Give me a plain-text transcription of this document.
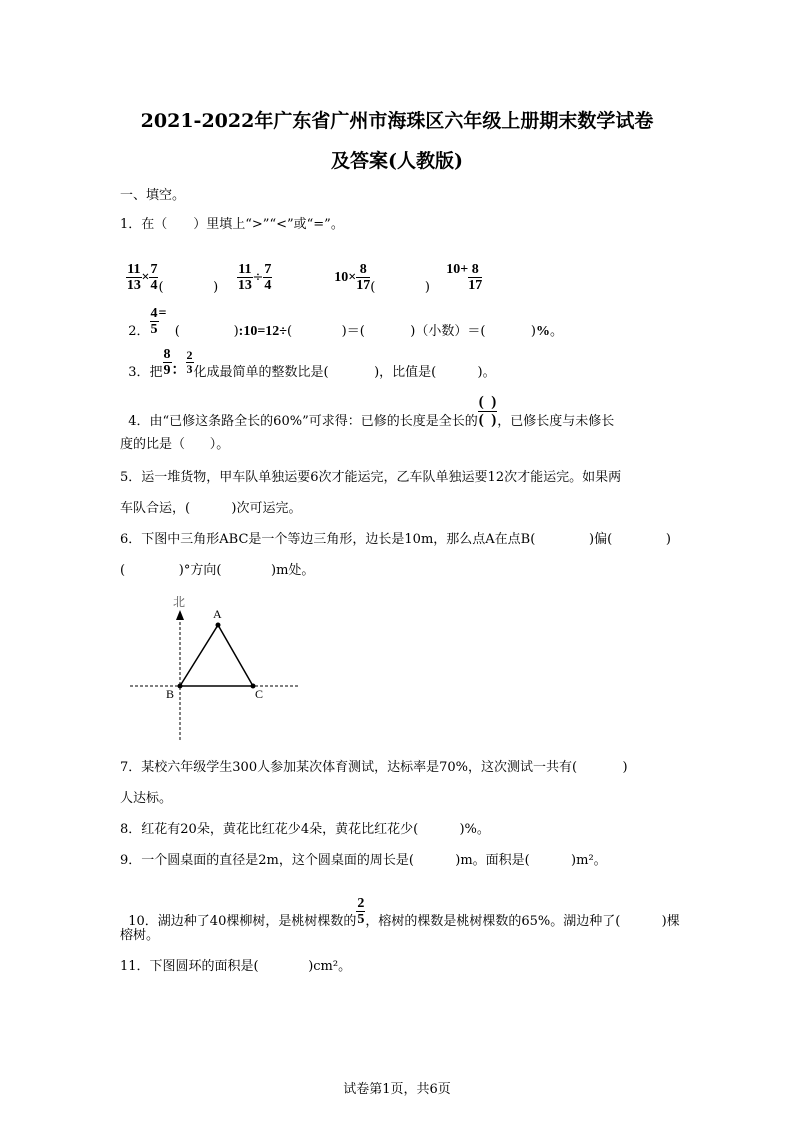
2021-2022年广东省广州市海珠区六年级上册期末数学试卷
及答案(人教版)
一、填空。
1．在（　　）里填上“>”“<”或“=”。

$\frac{11}{13} \times \frac{7}{4}$ (            )

$\frac{11}{13} \div \frac{7}{4}$	$10\times \frac{8}{17}$ (            )

$10+ \frac{8}{17}$

2． $\frac{4}{5}$ =  (             ):10=12÷(            )＝(           )（小数）＝(           )%。

3．把 $\frac{8}{9}$ ： $\frac{2}{3}$ 化成最简单的整数比是(           )，比值是(          )。

4．由“已修这条路全长的60%”可求得：已修的长度是全长的 $\frac{( )}{( )}$ ，已修长度与未修长

度的比是（      ）。
5．运一堆货物，甲车队单独运要6次才能运完，乙车队单独运要12次才能运完。如果两
车队合运，(          )次可运完。
6．下图中三角形ABC是一个等边三角形，边长是10m，那么点A在点B(             )偏(             )
(             )°方向(            )m处。
北
A
B	C
7．某校六年级学生300人参加某次体育测试，达标率是70%，这次测试一共有(           )
人达标。
8．红花有20朵，黄花比红花少4朵，黄花比红花少(          )%。
9．一个圆桌面的直径是2m，这个圆桌面的周长是(          )m。面积是(          )m²。

10．湖边种了40棵柳树，是桃树棵数的 $\frac{2}{5}$ ，榕树的棵数是桃树棵数的65%。湖边种了(          )棵

榕树。
11．下图圆环的面积是(            )cm²。
试卷第1页，共6页
